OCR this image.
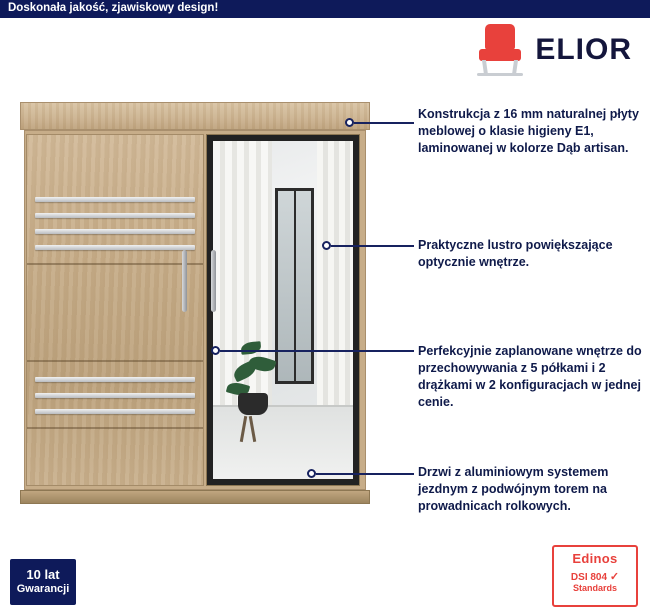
Doskonała jakość, zjawiskowy design!
ELIOR
Konstrukcja z 16 mm naturalnej płyty meblowej o klasie higieny E1, laminowanej w kolorze Dąb artisan.
Praktyczne lustro powiększające optycznie wnętrze.
Perfekcyjnie zaplanowane wnętrze do przechowywania z 5 półkami i 2 drążkami w 2 konfiguracjach w jednej cenie.
Drzwi z aluminiowym systemem jezdnym z podwójnym torem na prowadnicach rolkowych.
10 lat
Gwarancji
Edinos
DSI 804 ✓
Standards
